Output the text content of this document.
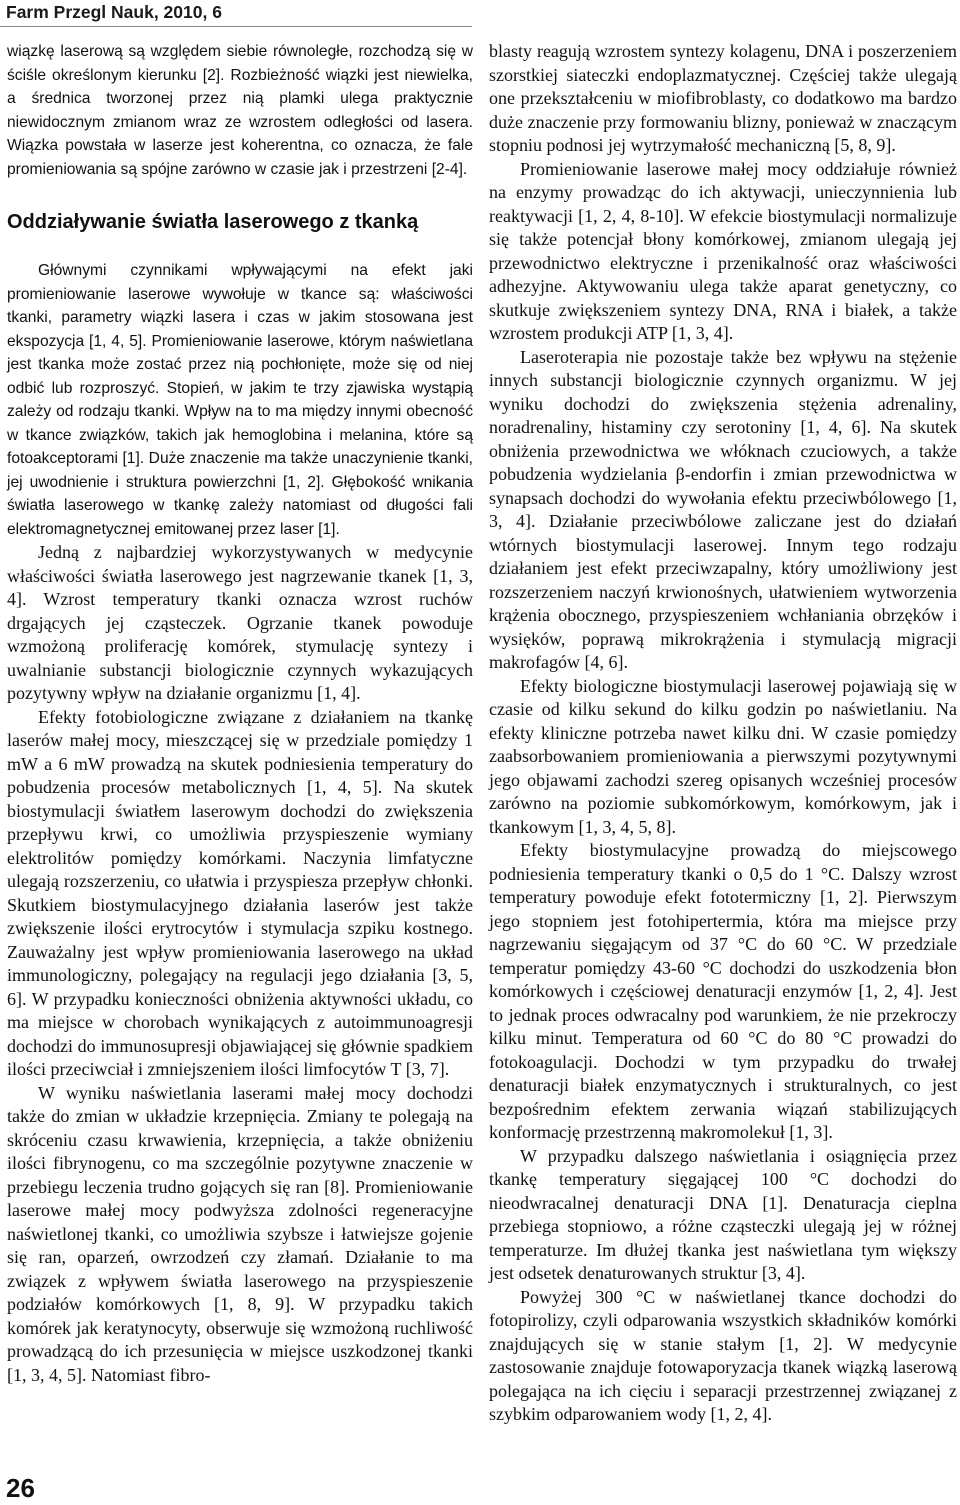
Farm Przegl Nauk, 2010, 6

wiązkę laserową są względem siebie równoległe, rozchodzą się w ściśle określonym kierunku [2]. Rozbieżność wiązki jest niewielka, a średnica tworzonej przez nią plamki ulega praktycznie niewidocznym zmianom wraz ze wzrostem odległości od lasera. Wiązka powstała w laserze jest koherentna, co oznacza, że fale promieniowania są spójne zarówno w czasie jak i przestrzeni [2-4].

Oddziaływanie światła laserowego z tkanką

Głównymi czynnikami wpływającymi na efekt jaki promieniowanie laserowe wywołuje w tkance są: właściwości tkanki, parametry wiązki lasera i czas w jakim stosowana jest ekspozycja [1, 4, 5]. Promieniowanie laserowe, którym naświetlana jest tkanka może zostać przez nią pochłonięte, może się od niej odbić lub rozproszyć. Stopień, w jakim te trzy zjawiska wystąpią zależy od rodzaju tkanki. Wpływ na to ma między innymi obecność w tkance związków, takich jak hemoglobina i melanina, które są fotoakceptorami [1]. Duże znaczenie ma także unaczynienie tkanki, jej uwodnienie i struktura powierzchni [1, 2]. Głębokość wnikania światła laserowego w tkankę zależy natomiast od długości fali elektromagnetycznej emitowanej przez laser [1].

Jedną z najbardziej wykorzystywanych w medycynie właściwości światła laserowego jest nagrzewanie tkanek [1, 3, 4]. Wzrost temperatury tkanki oznacza wzrost ruchów drgających jej cząsteczek. Ogrzanie tkanek powoduje wzmożoną proliferację komórek, stymulację syntezy i uwalnianie substancji biologicznie czynnych wykazujących pozytywny wpływ na działanie organizmu [1, 4].

Efekty fotobiologiczne związane z działaniem na tkankę laserów małej mocy, mieszczącej się w przedziale pomiędzy 1 mW a 6 mW prowadzą na skutek podniesienia temperatury do pobudzenia procesów metabolicznych [1, 4, 5]. Na skutek biostymulacji światłem laserowym dochodzi do zwiększenia przepływu krwi, co umożliwia przyspieszenie wymiany elektrolitów pomiędzy komórkami. Naczynia limfatyczne ulegają rozszerzeniu, co ułatwia i przyspiesza przepływ chłonki. Skutkiem biostymulacyjnego działania laserów jest także zwiększenie ilości erytrocytów i stymulacja szpiku kostnego. Zauważalny jest wpływ promieniowania laserowego na układ immunologiczny, polegający na regulacji jego działania [3, 5, 6]. W przypadku konieczności obniżenia aktywności układu, co ma miejsce w chorobach wynikających z autoimmunoagresji dochodzi do immunosupresji objawiającej się głównie spadkiem ilości przeciwciał i zmniejszeniem ilości limfocytów T [3, 7].

W wyniku naświetlania laserami małej mocy dochodzi także do zmian w układzie krzepnięcia. Zmiany te polegają na skróceniu czasu krwawienia, krzepnięcia, a także obniżeniu ilości fibrynogenu, co ma szczególnie pozytywne znaczenie w przebiegu leczenia trudno gojących się ran [8]. Promieniowanie laserowe małej mocy podwyższa zdolności regeneracyjne naświetlonej tkanki, co umożliwia szybsze i łatwiejsze gojenie się ran, oparzeń, owrzodzeń czy złamań. Działanie to ma związek z wpływem światła laserowego na przyspieszenie podziałów komórkowych [1, 8, 9]. W przypadku takich komórek jak keratynocyty, obserwuje się wzmożoną ruchliwość prowadzącą do ich przesunięcia w miejsce uszkodzonej tkanki [1, 3, 4, 5]. Natomiast fibro-

blasty reagują wzrostem syntezy kolagenu, DNA i poszerzeniem szorstkiej siateczki endoplazmatycznej. Częściej także ulegają one przekształceniu w miofibroblasty, co dodatkowo ma bardzo duże znaczenie przy formowaniu blizny, ponieważ w znaczącym stopniu podnosi jej wytrzymałość mechaniczną [5, 8, 9].

Promieniowanie laserowe małej mocy oddziałuje również na enzymy prowadząc do ich aktywacji, unieczynnienia lub reaktywacji [1, 2, 4, 8-10]. W efekcie biostymulacji normalizuje się także potencjał błony komórkowej, zmianom ulegają jej przewodnictwo elektryczne i przenikalność oraz właściwości adhezyjne. Aktywowaniu ulega także aparat genetyczny, co skutkuje zwiększeniem syntezy DNA, RNA i białek, a także wzrostem produkcji ATP [1, 3, 4].

Laseroterapia nie pozostaje także bez wpływu na stężenie innych substancji biologicznie czynnych organizmu. W jej wyniku dochodzi do zwiększenia stężenia adrenaliny, noradrenaliny, histaminy czy serotoniny [1, 4, 6]. Na skutek obniżenia przewodnictwa we włóknach czuciowych, a także pobudzenia wydzielania β-endorfin i zmian przewodnictwa w synapsach dochodzi do wywołania efektu przeciwbólowego [1, 3, 4]. Działanie przeciwbólowe zaliczane jest do działań wtórnych biostymulacji laserowej. Innym tego rodzaju działaniem jest efekt przeciwzapalny, który umożliwiony jest rozszerzeniem naczyń krwionośnych, ułatwieniem wytworzenia krążenia obocznego, przyspieszeniem wchłaniania obrzęków i wysięków, poprawą mikrokrążenia i stymulacją migracji makrofagów [4, 6].

Efekty biologiczne biostymulacji laserowej pojawiają się w czasie od kilku sekund do kilku godzin po naświetlaniu. Na efekty kliniczne potrzeba nawet kilku dni. W czasie pomiędzy zaabsorbowaniem promieniowania a pierwszymi pozytywnymi jego objawami zachodzi szereg opisanych wcześniej procesów zarówno na poziomie subkomórkowym, komórkowym, jak i tkankowym [1, 3, 4, 5, 8].

Efekty biostymulacyjne prowadzą do miejscowego podniesienia temperatury tkanki o 0,5 do 1 °C. Dalszy wzrost temperatury powoduje efekt fototermiczny [1, 2]. Pierwszym jego stopniem jest fotohipertermia, która ma miejsce przy nagrzewaniu sięgającym od 37 °C do 60 °C. W przedziale temperatur pomiędzy 43-60 °C dochodzi do uszkodzenia błon komórkowych i częściowej denaturacji enzymów [1, 2, 4]. Jest to jednak proces odwracalny pod warunkiem, że nie przekroczy kilku minut. Temperatura od 60 °C do 80 °C prowadzi do fotokoagulacji. Dochodzi w tym przypadku do trwałej denaturacji białek enzymatycznych i strukturalnych, co jest bezpośrednim efektem zerwania wiązań stabilizujących konformację przestrzenną makromolekuł [1, 3].

W przypadku dalszego naświetlania i osiągnięcia przez tkankę temperatury sięgającej 100 °C dochodzi do nieodwracalnej denaturacji DNA [1]. Denaturacja cieplna przebiega stopniowo, a różne cząsteczki ulegają jej w różnej temperaturze. Im dłużej tkanka jest naświetlana tym większy jest odsetek denaturowanych struktur [3, 4].

Powyżej 300 °C w naświetlanej tkance dochodzi do fotopirolizy, czyli odparowania wszystkich składników komórki znajdujących się w stanie stałym [1, 2]. W medycynie zastosowanie znajduje fotowaporyzacja tkanek wiązką laserową polegająca na ich cięciu i separacji przestrzennej związanej z szybkim odparowaniem wody [1, 2, 4].

26
